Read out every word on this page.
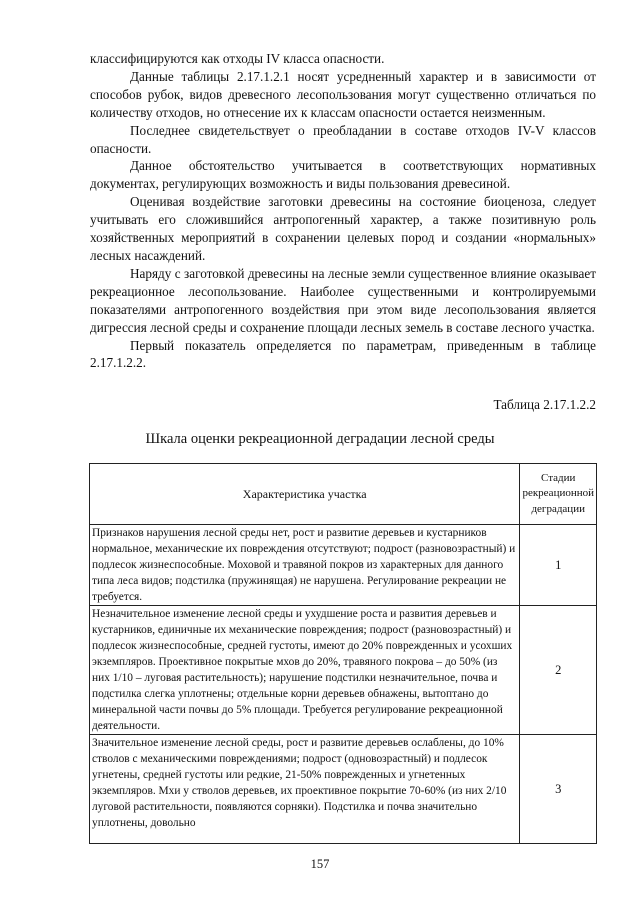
классифицируются как отходы IV класса опасности.

Данные таблицы 2.17.1.2.1 носят усредненный характер и в зависимости от способов рубок, видов древесного лесопользования могут существенно отличаться по количеству отходов, но отнесение их к классам опасности остается неизменным.

Последнее свидетельствует о преобладании в составе отходов IV-V классов опасности.

Данное обстоятельство учитывается в соответствующих нормативных документах, регулирующих возможность и виды пользования древесиной.

Оценивая воздействие заготовки древесины на состояние биоценоза, следует учитывать его сложившийся антропогенный характер, а также позитивную роль хозяйственных мероприятий в сохранении целевых пород и создании «нормальных» лесных насаждений.

Наряду с заготовкой древесины на лесные земли существенное влияние оказывает рекреационное лесопользование. Наиболее существенными и контролируемыми показателями антропогенного воздействия при этом виде лесопользования является дигрессия лесной среды и сохранение площади лесных земель в составе лесного участка.

Первый показатель определяется по параметрам, приведенным в таблице 2.17.1.2.2.

Таблица 2.17.1.2.2
Шкала оценки рекреационной деградации лесной среды
Характеристика участка	Стадии рекреационной деградации
Признаков нарушения лесной среды нет, рост и развитие деревьев и кустарников нормальное, механические их повреждения отсутствуют; подрост (разновозрастный) и подлесок жизнеспособные. Моховой и травяной покров из характерных для данного типа леса видов; подстилка (пружинящая) не нарушена. Регулирование рекреации не требуется.	1
Незначительное изменение лесной среды и ухудшение роста и развития деревьев и кустарников, единичные их механические повреждения; подрост (разновозрастный) и подлесок жизнеспособные, средней густоты, имеют до 20% поврежденных и усохших экземпляров. Проективное покрытые мхов до 20%, травяного покрова – до 50% (из них 1/10 – луговая растительность); нарушение подстилки незначительное, почва и подстилка слегка уплотнены; отдельные корни деревьев обнажены, вытоптано до минеральной части почвы до 5% площади. Требуется регулирование рекреационной деятельности.	2

Значительное изменение лесной среды, рост и развитие деревьев ослаблены, до 10% стволов с механическими повреждениями; подрост (одновозрастный) и подлесок угнетены, средней густоты или редкие, 21-50% поврежденных и угнетенных экземпляров. Мхи у стволов деревьев, их проективное покрытие 70-60% (из них 2/10 луговой растительности, появляются сорняки). Подстилка и почва значительно уплотнены, довольно	3
157
